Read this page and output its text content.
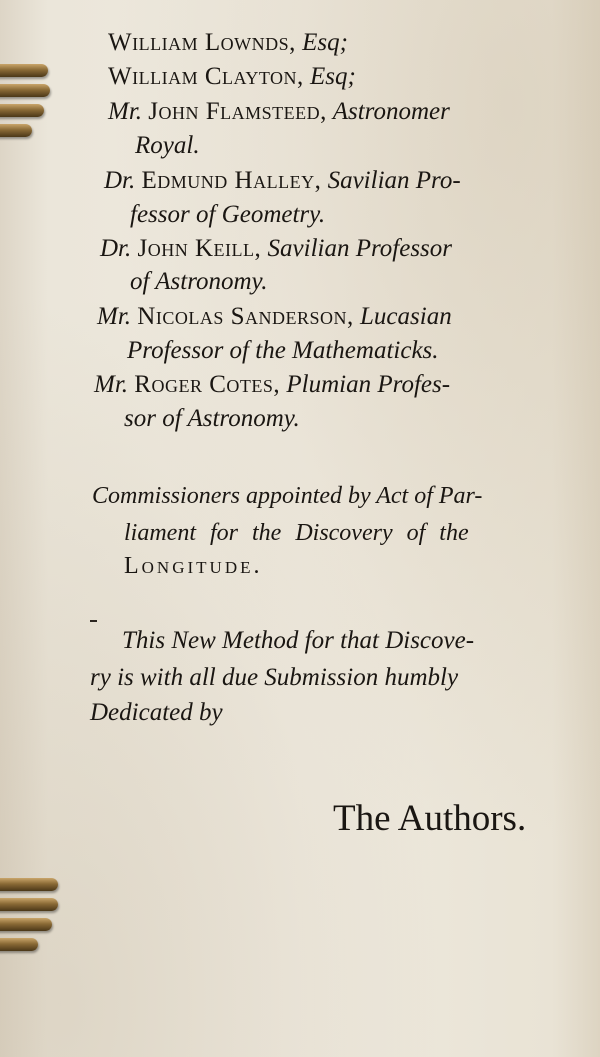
William Lownds, Esq;
William Clayton, Esq;
Mr. John Flamsteed, Astronomer
Royal.
Dr. Edmund Halley, Savilian Pro-
fessor of Geometry.
Dr. John Keill, Savilian Professor
of Astronomy.
Mr. Nicolas Sanderson, Lucasian
Professor of the Mathematicks.
Mr. Roger Cotes, Plumian Profes-
sor of Astronomy.
Commissioners appointed by Act of Par-
liament for the Discovery of the
Longitude.
This New Method for that Discove-
ry is with all due Submission humbly
Dedicated by
The Authors.
